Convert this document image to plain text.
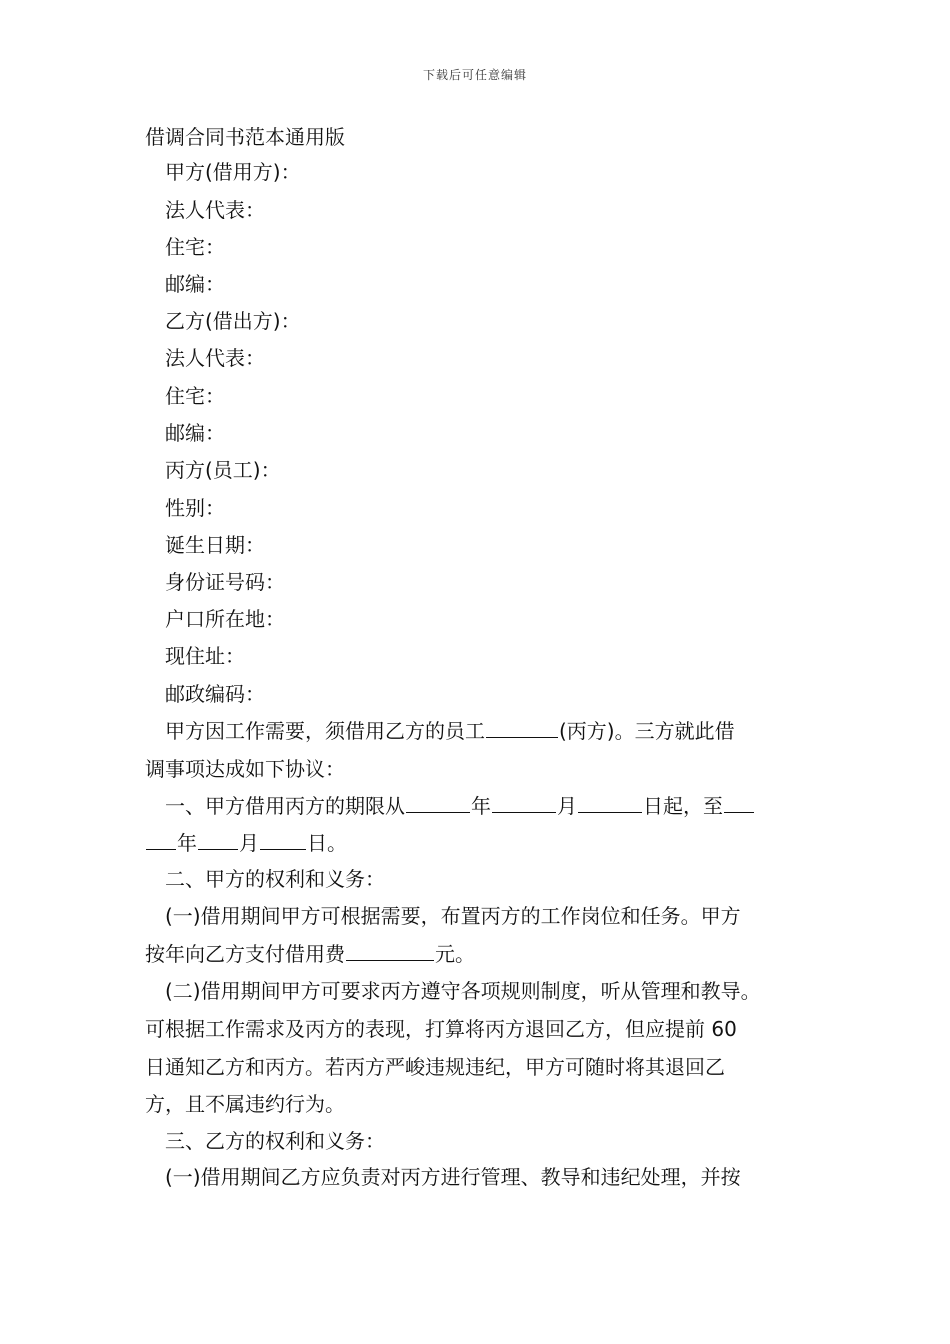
下载后可任意编辑
借调合同书范本通用版
甲方(借用方)：
法人代表：
住宅：
邮编：
乙方(借出方)：
法人代表：
住宅：
邮编：
丙方(员工)：
性别：
诞生日期：
身份证号码：
户口所在地：
现住址：
邮政编码：
甲方因工作需要，须借用乙方的员工	(丙方)。三方就此借
调事项达成如下协议：
一、甲方借用丙方的期限从	年	月	日起，至
年 月 日。
二、甲方的权利和义务：
(一)借用期间甲方可根据需要，布置丙方的工作岗位和任务。甲方
按年向乙方支付借用费	元。
(二)借用期间甲方可要求丙方遵守各项规则制度，听从管理和教导。
可根据工作需求及丙方的表现，打算将丙方退回乙方，但应提前 60
日通知乙方和丙方。若丙方严峻违规违纪，甲方可随时将其退回乙
方，且不属违约行为。
三、乙方的权利和义务：
(一)借用期间乙方应负责对丙方进行管理、教导和违纪处理，并按
